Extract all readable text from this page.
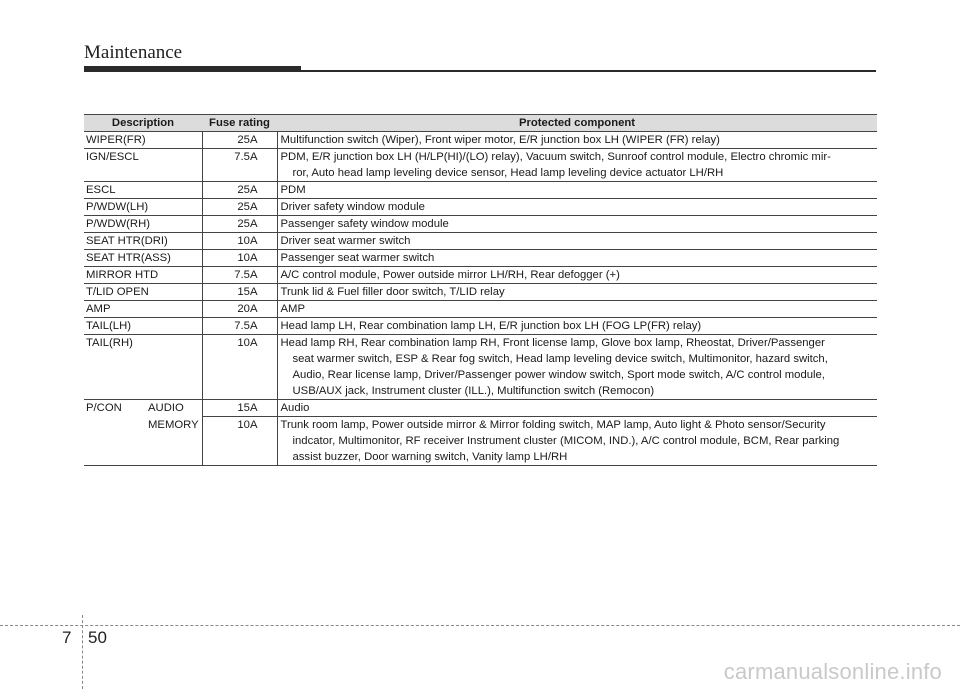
Maintenance
Description	Fuse rating	Protected component
WIPER(FR)	25A	Multifunction switch (Wiper), Front wiper motor, E/R junction box LH (WIPER (FR) relay)

IGN/ESCL	7.5A	PDM, E/R junction box LH (H/LP(HI)/(LO) relay), Vacuum switch, Sunroof control module, Electro chromic mir-
ror, Auto head lamp leveling device sensor, Head lamp leveling device actuator LH/RH

ESCL	25A	PDM

P/WDW(LH)	25A	Driver safety window module

P/WDW(RH)	25A	Passenger safety window module

SEAT HTR(DRI)	10A	Driver seat warmer switch

SEAT HTR(ASS)	10A	Passenger seat warmer switch

MIRROR HTD	7.5A	A/C control module, Power outside mirror LH/RH, Rear defogger (+)

T/LID OPEN	15A	Trunk lid & Fuel filler door switch, T/LID relay

AMP	20A	AMP

TAIL(LH)	7.5A	Head lamp LH, Rear combination lamp LH, E/R junction box LH (FOG LP(FR) relay)

TAIL(RH)	10A	Head lamp RH, Rear combination lamp RH, Front license lamp, Glove box lamp, Rheostat, Driver/Passenger
seat warmer switch, ESP & Rear fog switch, Head lamp leveling device switch, Multimonitor, hazard switch,
Audio, Rear license lamp, Driver/Passenger power window switch, Sport mode switch, A/C control module,
USB/AUX jack, Instrument cluster (ILL.), Multifunction switch (Remocon)

P/CON AUDIO	15A	Audio

MEMORY	10A	Trunk room lamp, Power outside mirror & Mirror folding switch, MAP lamp, Auto light & Photo sensor/Security
indcator, Multimonitor, RF receiver Instrument cluster (MICOM, IND.), A/C control module, BCM, Rear parking
assist buzzer, Door warning switch, Vanity lamp LH/RH
7 50
carmanualsonline.info
